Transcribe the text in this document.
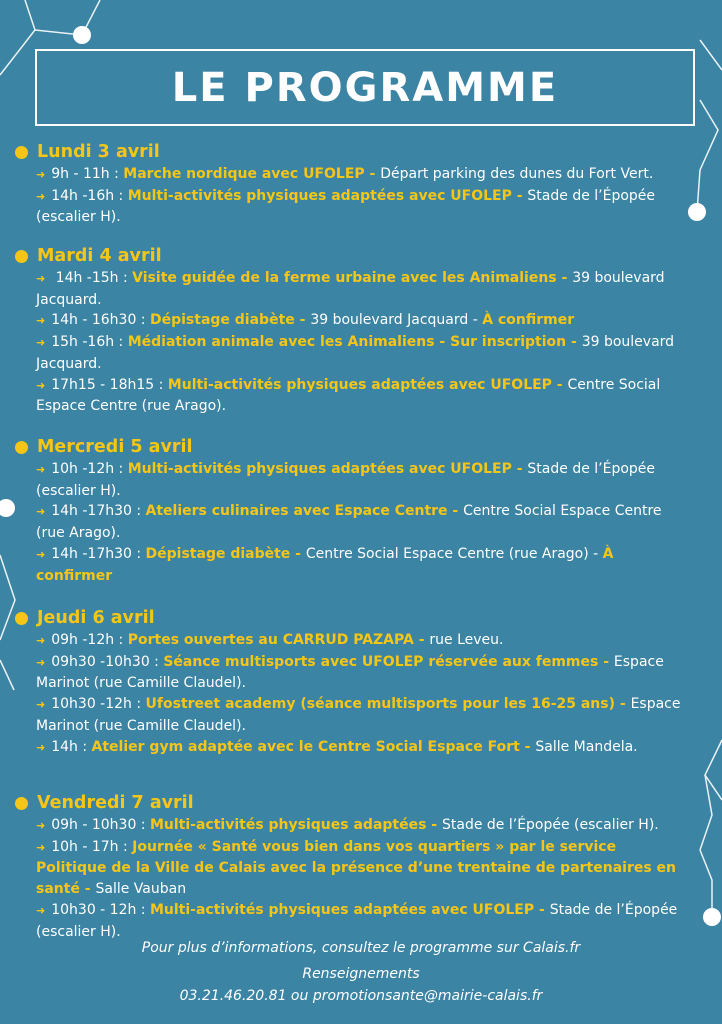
LE PROGRAMME
Lundi 3 avril

➜ 9h - 11h : Marche nordique avec UFOLEP - Départ parking des dunes du Fort Vert.

➜ 14h -16h : Multi-activités physiques adaptées avec UFOLEP - Stade de l’Épopée (escalier H).

Mardi 4 avril

➜ 14h -15h : Visite guidée de la ferme urbaine avec les Animaliens - 39 boulevard Jacquard.

➜ 14h - 16h30 : Dépistage diabète - 39 boulevard Jacquard - À confirmer

➜ 15h -16h : Médiation animale avec les Animaliens - Sur inscription - 39 boulevard Jacquard.

➜ 17h15 - 18h15 : Multi-activités physiques adaptées avec UFOLEP - Centre Social Espace Centre (rue Arago).

Mercredi 5 avril

➜ 10h -12h : Multi-activités physiques adaptées avec UFOLEP - Stade de l’Épopée (escalier H).

➜ 14h -17h30 : Ateliers culinaires avec Espace Centre - Centre Social Espace Centre (rue Arago).

➜ 14h -17h30 : Dépistage diabète - Centre Social Espace Centre (rue Arago) - À confirmer

Jeudi 6 avril

➜ 09h -12h : Portes ouvertes au CARRUD PAZAPA - rue Leveu.

➜ 09h30 -10h30 : Séance multisports avec UFOLEP réservée aux femmes - Espace Marinot (rue Camille Claudel).

➜ 10h30 -12h : Ufostreet academy (séance multisports pour les 16-25 ans) - Espace Marinot (rue Camille Claudel).

➜ 14h : Atelier gym adaptée avec le Centre Social Espace Fort - Salle Mandela.

Vendredi 7 avril

➜ 09h - 10h30 : Multi-activités physiques adaptées - Stade de l’Épopée (escalier H).

➜ 10h - 17h : Journée « Santé vous bien dans vos quartiers » par le service Politique de la Ville de Calais avec la présence d’une trentaine de partenaires en santé - Salle Vauban

➜ 10h30 - 12h : Multi-activités physiques adaptées avec UFOLEP - Stade de l’Épopée (escalier H).

Pour plus d’informations, consultez le programme sur Calais.fr
Renseignements
03.21.46.20.81 ou promotionsante@mairie-calais.fr
